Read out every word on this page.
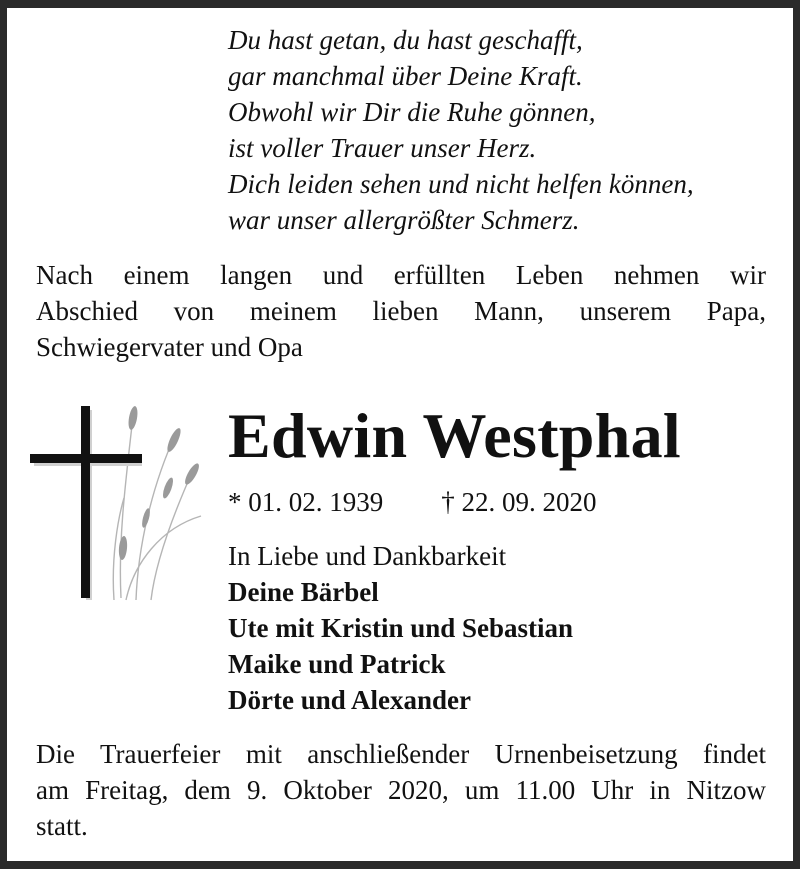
Du hast getan, du hast geschafft,
gar manchmal über Deine Kraft.
Obwohl wir Dir die Ruhe gönnen,
ist voller Trauer unser Herz.
Dich leiden sehen und nicht helfen können,
war unser allergrößter Schmerz.
Nach einem langen und erfüllten Leben nehmen wir
Abschied von meinem lieben Mann, unserem Papa,
Schwiegervater und Opa
Edwin Westphal
* 01. 02. 1939 † 22. 09. 2020
In Liebe und Dankbarkeit
Deine Bärbel
Ute mit Kristin und Sebastian
Maike und Patrick
Dörte und Alexander
Die Trauerfeier mit anschließender Urnenbeisetzung findet
am Freitag, dem 9. Oktober 2020, um 11.00 Uhr in Nitzow
statt.
